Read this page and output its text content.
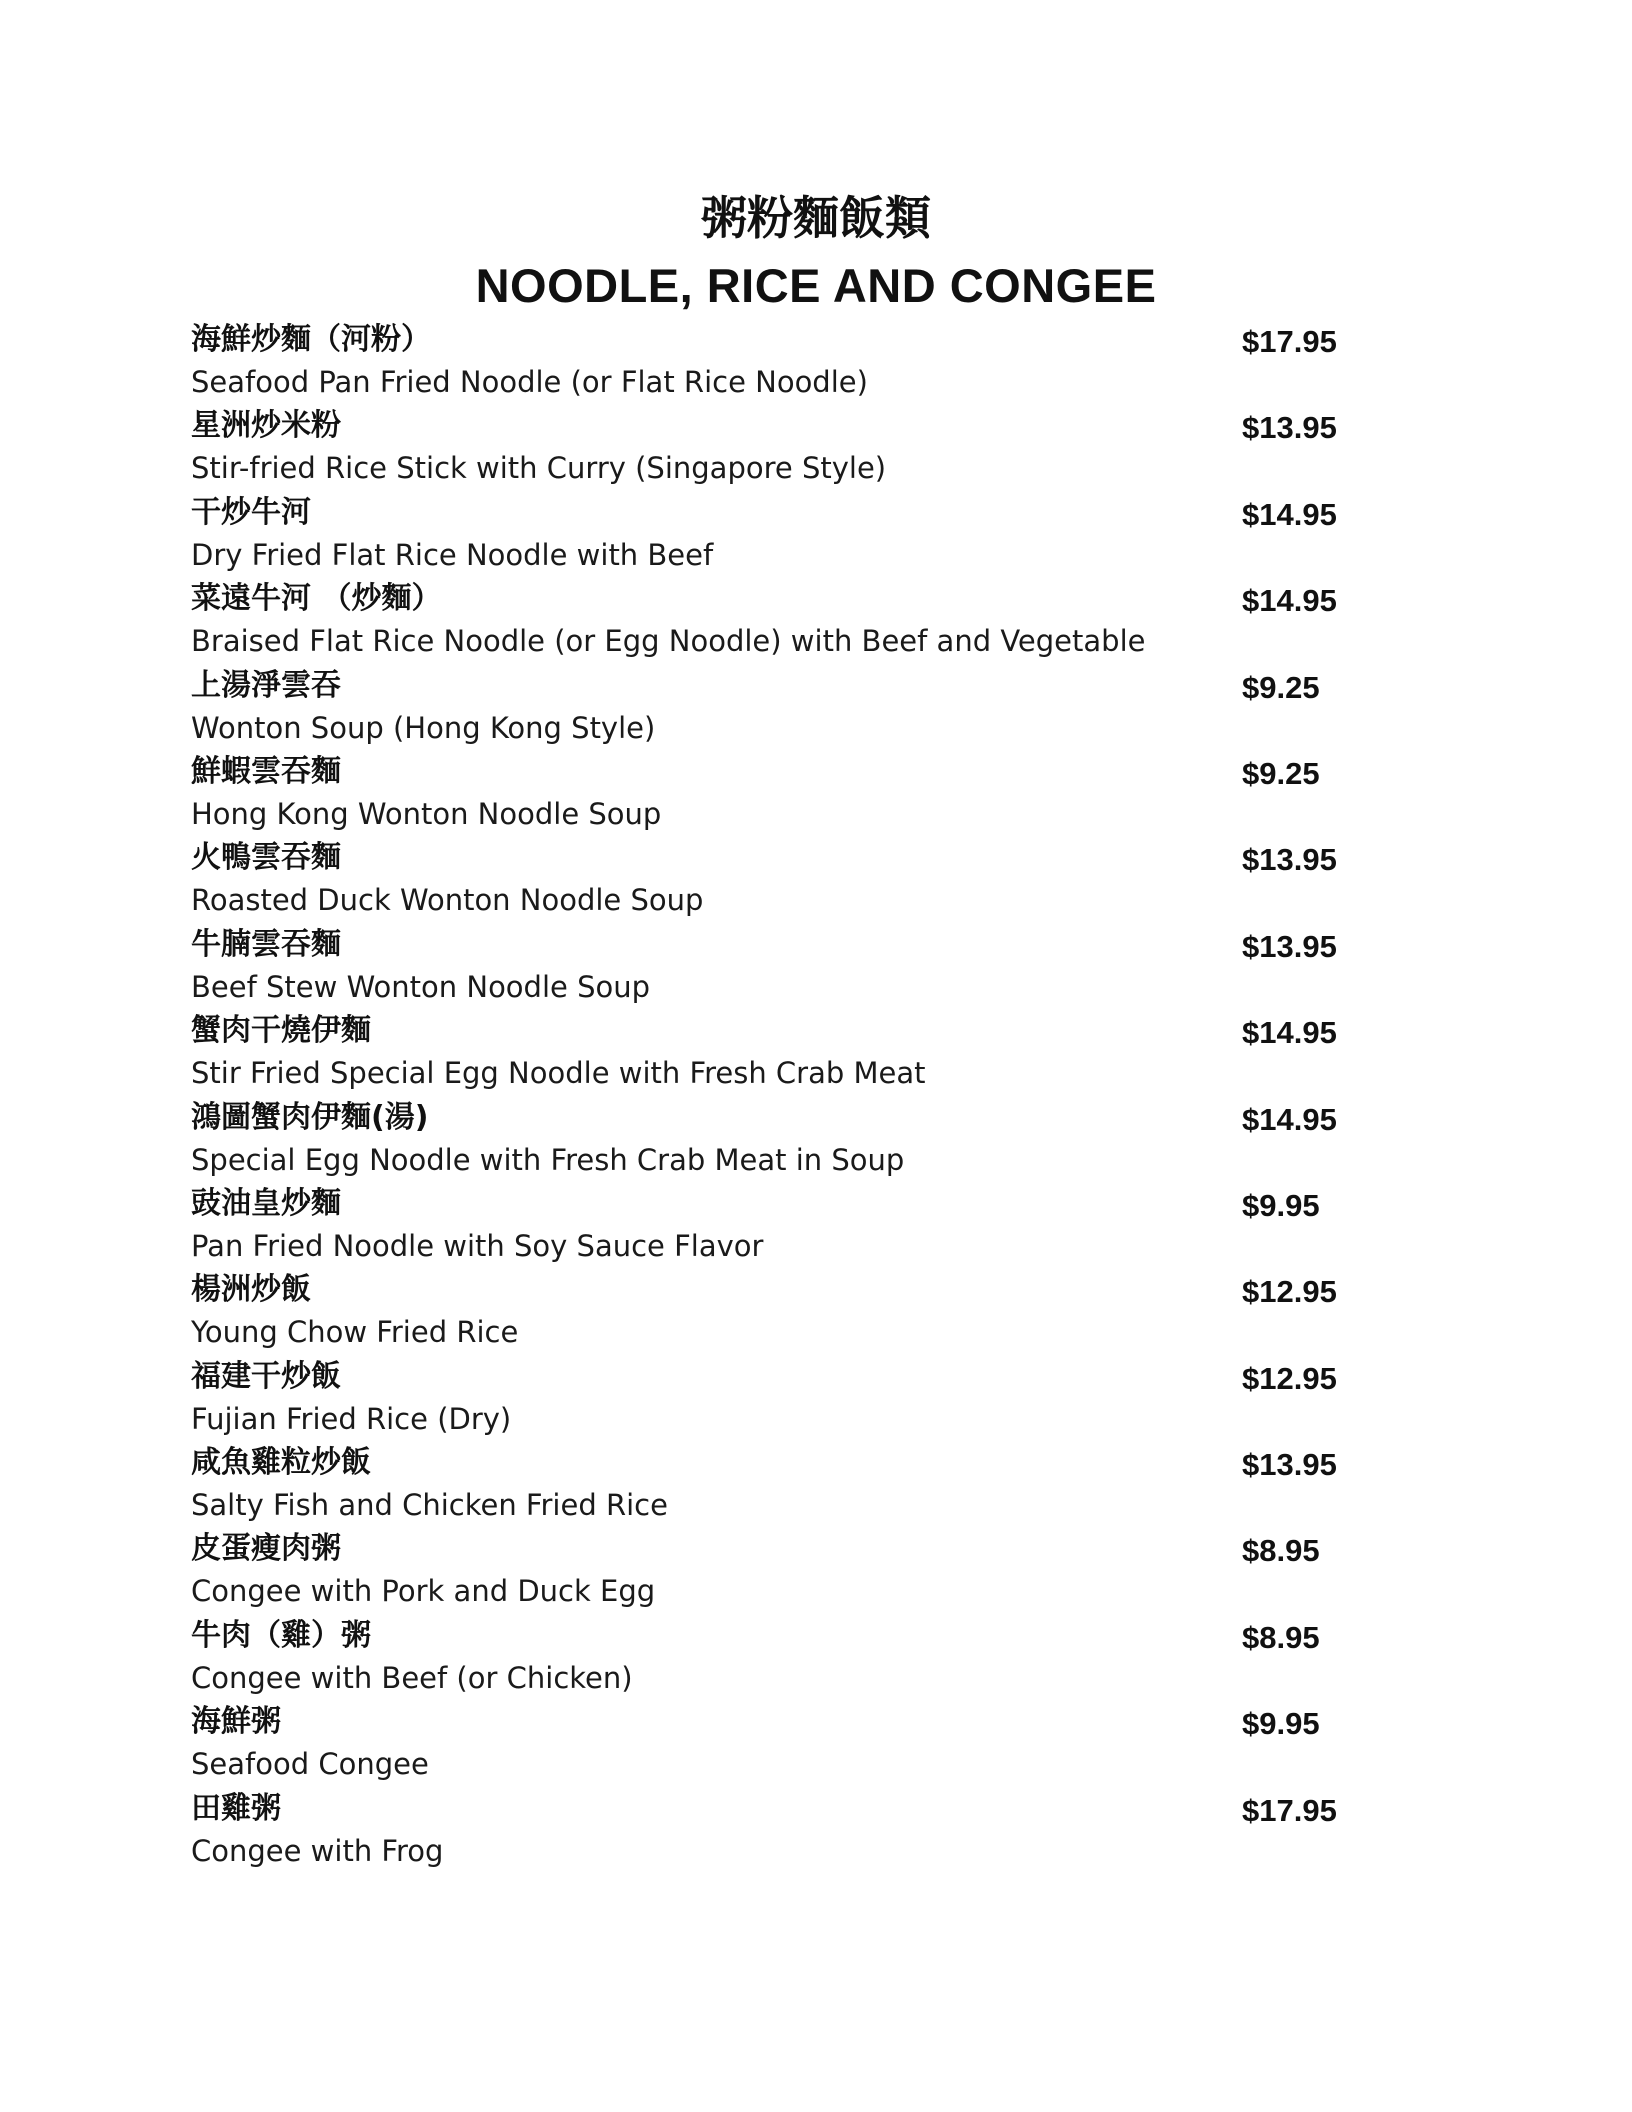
粥粉麵飯類
NOODLE, RICE AND CONGEE
海鮮炒麵（河粉）
Seafood Pan Fried Noodle (or Flat Rice Noodle)
$17.95
星洲炒米粉
Stir-fried Rice Stick with Curry (Singapore Style)
$13.95
干炒牛河
Dry Fried Flat Rice Noodle with Beef
$14.95
菜遠牛河 （炒麵）
Braised Flat Rice Noodle (or Egg Noodle) with Beef and Vegetable
$14.95
上湯淨雲吞
Wonton Soup (Hong Kong Style)
$9.25
鮮蝦雲吞麵
Hong Kong Wonton Noodle Soup
$9.25
火鴨雲吞麵
Roasted Duck Wonton Noodle Soup
$13.95
牛腩雲吞麵
Beef Stew Wonton Noodle Soup
$13.95
蟹肉干燒伊麵
Stir Fried Special Egg Noodle with Fresh Crab Meat
$14.95
鴻圖蟹肉伊麵(湯)
Special Egg Noodle with Fresh Crab Meat in Soup
$14.95
豉油皇炒麵
Pan Fried Noodle with Soy Sauce Flavor
$9.95
楊洲炒飯
Young Chow Fried Rice
$12.95
福建干炒飯
Fujian Fried Rice (Dry)
$12.95
咸魚雞粒炒飯
Salty Fish and Chicken Fried Rice
$13.95
皮蛋瘦肉粥
Congee with Pork and Duck Egg
$8.95
牛肉（雞）粥
Congee with Beef (or Chicken)
$8.95
海鮮粥
Seafood Congee
$9.95
田雞粥
Congee with Frog
$17.95
